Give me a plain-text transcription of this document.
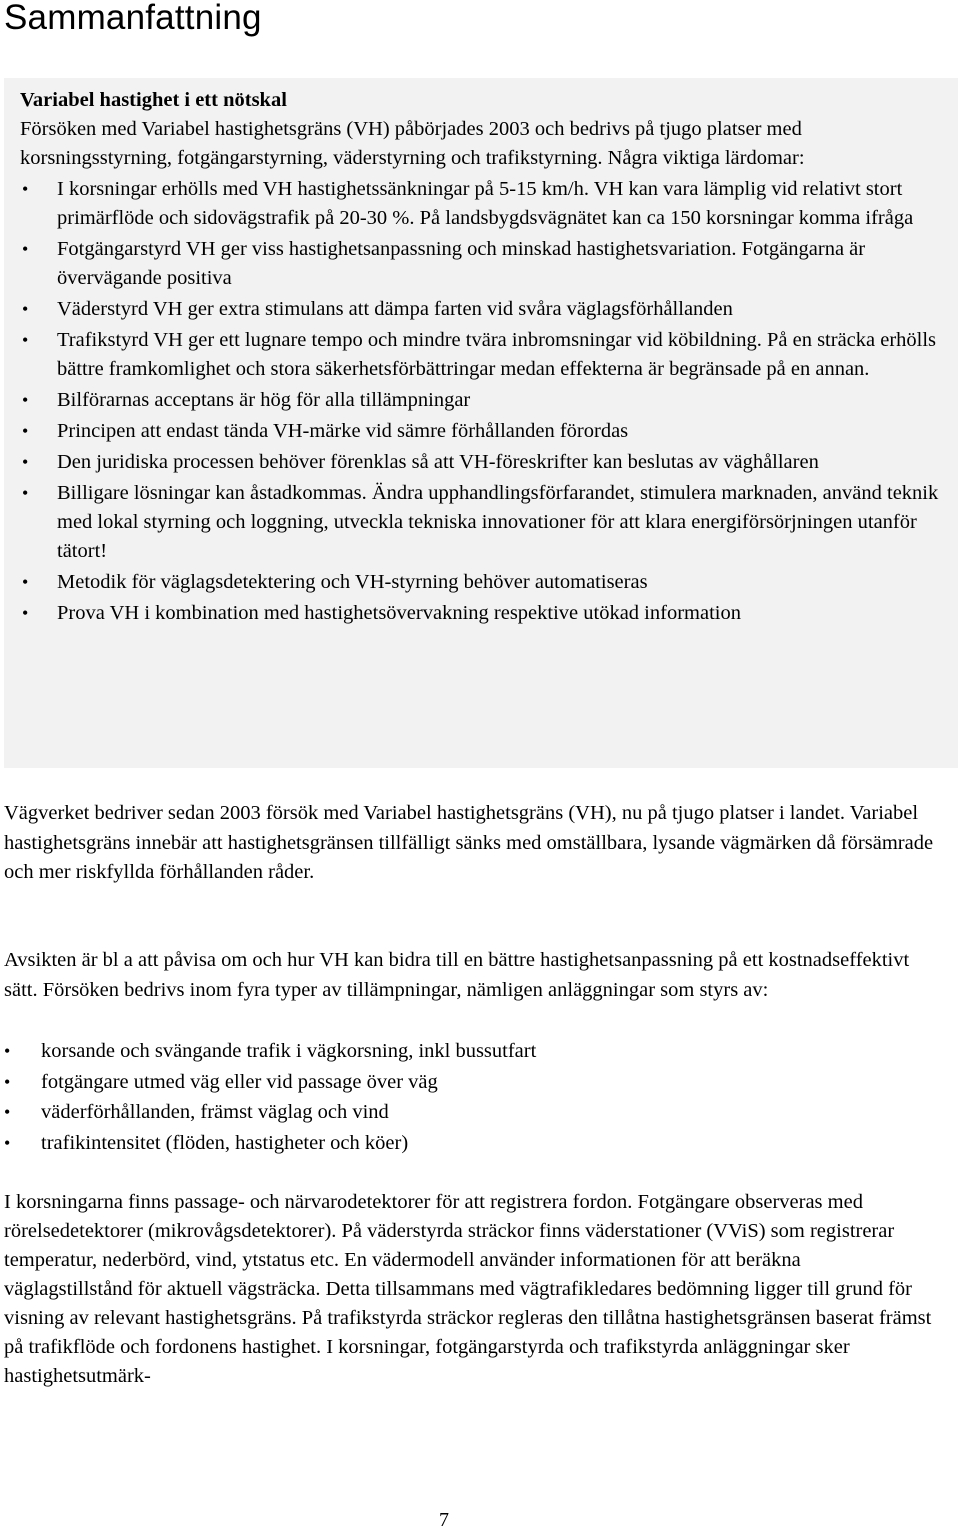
Sammanfattning

Variabel hastighet i ett nötskal

Försöken med Variabel hastighetsgräns (VH) påbörjades 2003 och bedrivs på tjugo platser med korsningsstyrning, fotgängarstyrning, väderstyrning och trafikstyrning. Några viktiga lärdomar:

• I korsningar erhölls med VH hastighetssänkningar på 5-15 km/h. VH kan vara lämplig vid relativt stort primärflöde och sidovägstrafik på 20-30 %. På landsbygdsvägnätet kan ca 150 korsningar komma ifråga
• Fotgängarstyrd VH ger viss hastighetsanpassning och minskad hastighetsvariation. Fotgängarna är övervägande positiva
• Väderstyrd VH ger extra stimulans att dämpa farten vid svåra väglagsförhållanden
• Trafikstyrd VH ger ett lugnare tempo och mindre tvära inbromsningar vid köbildning. På en sträcka erhölls bättre framkomlighet och stora säkerhetsförbättringar medan effekterna är begränsade på en annan.
• Bilförarnas acceptans är hög för alla tillämpningar
• Principen att endast tända VH-märke vid sämre förhållanden förordas
• Den juridiska processen behöver förenklas så att VH-föreskrifter kan beslutas av väghållaren
• Billigare lösningar kan åstadkommas. Ändra upphandlingsförfarandet, stimulera marknaden, använd teknik med lokal styrning och loggning, utveckla tekniska innovationer för att klara energiförsörjningen utanför tätort!
• Metodik för väglagsdetektering och VH-styrning behöver automatiseras
• Prova VH i kombination med hastighetsövervakning respektive utökad information

Vägverket bedriver sedan 2003 försök med Variabel hastighetsgräns (VH), nu på tjugo platser i landet. Variabel hastighetsgräns innebär att hastighetsgränsen tillfälligt sänks med omställbara, lysande vägmärken då försämrade och mer riskfyllda förhållanden råder.

Avsikten är bl a att påvisa om och hur VH kan bidra till en bättre hastighetsanpassning på ett kostnadseffektivt sätt. Försöken bedrivs inom fyra typer av tillämpningar, nämligen anläggningar som styrs av:

• korsande och svängande trafik i vägkorsning, inkl bussutfart
• fotgängare utmed väg eller vid passage över väg
• väderförhållanden, främst väglag och vind
• trafikintensitet (flöden, hastigheter och köer)

I korsningarna finns passage- och närvarodetektorer för att registrera fordon. Fotgängare observeras med rörelsedetektorer (mikrovågsdetektorer). På väderstyrda sträckor finns väderstationer (VViS) som registrerar temperatur, nederbörd, vind, ytstatus etc. En vädermodell använder informationen för att beräkna väglagstillstånd för aktuell vägsträcka. Detta tillsammans med vägtrafikledares bedömning ligger till grund för visning av relevant hastighetsgräns. På trafikstyrda sträckor regleras den tillåtna hastighetsgränsen baserat främst på trafikflöde och fordonens hastighet. I korsningar, fotgängarstyrda och trafikstyrda anläggningar sker hastighetsutmärk-

7
